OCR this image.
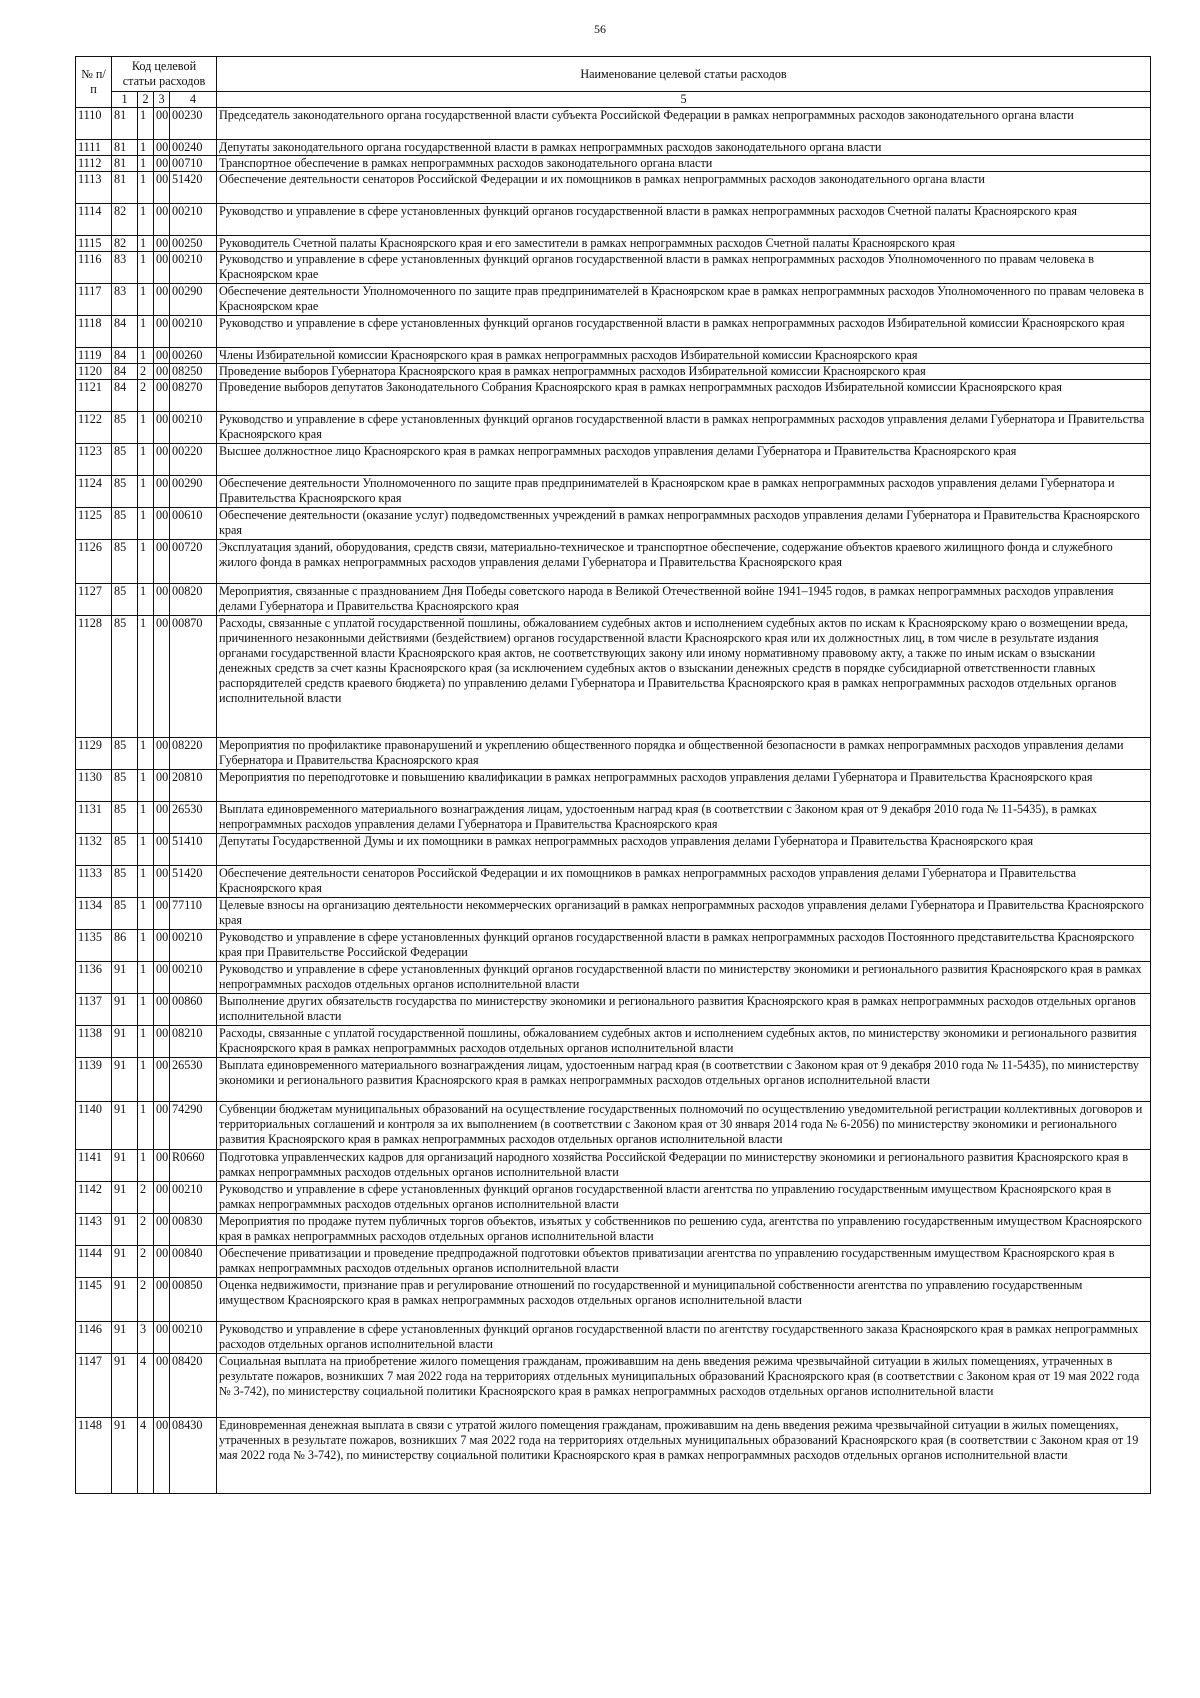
56
№ п/п	Код целевой статьи расходов				Наименование целевой статьи расходов
	1	2	3	4	5
1110	81	1	00	00230	Председатель законодательного органа государственной власти субъекта Российской Федерации в рамках непрограммных расходов законодательного органа власти
1111	81	1	00	00240	Депутаты законодательного органа государственной власти в рамках непрограммных расходов законодательного органа власти
1112	81	1	00	00710	Транспортное обеспечение в рамках непрограммных расходов законодательного органа власти
1113	81	1	00	51420	Обеспечение деятельности сенаторов Российской Федерации и их помощников в рамках непрограммных расходов законодательного органа власти
1114	82	1	00	00210	Руководство и управление в сфере установленных функций органов государственной власти в рамках непрограммных расходов Счетной палаты Красноярского края
1115	82	1	00	00250	Руководитель Счетной палаты Красноярского края и его заместители в рамках непрограммных расходов Счетной палаты Красноярского края
1116	83	1	00	00210	Руководство и управление в сфере установленных функций органов государственной власти в рамках непрограммных расходов Уполномоченного по правам человека в Красноярском крае
1117	83	1	00	00290	Обеспечение деятельности Уполномоченного по защите прав предпринимателей в Красноярском крае в рамках непрограммных расходов Уполномоченного по правам человека в Красноярском крае
1118	84	1	00	00210	Руководство и управление в сфере установленных функций органов государственной власти в рамках непрограммных расходов Избирательной комиссии Красноярского края
1119	84	1	00	00260	Члены Избирательной комиссии Красноярского края в рамках непрограммных расходов Избирательной комиссии Красноярского края
1120	84	2	00	08250	Проведение выборов Губернатора Красноярского края в рамках непрограммных расходов Избирательной комиссии Красноярского края
1121	84	2	00	08270	Проведение выборов депутатов Законодательного Собрания Красноярского края в рамках непрограммных расходов Избирательной комиссии Красноярского края
1122	85	1	00	00210	Руководство и управление в сфере установленных функций органов государственной власти в рамках непрограммных расходов управления делами Губернатора и Правительства Красноярского края
1123	85	1	00	00220	Высшее должностное лицо Красноярского края в рамках непрограммных расходов управления делами Губернатора и Правительства Красноярского края
1124	85	1	00	00290	Обеспечение деятельности Уполномоченного по защите прав предпринимателей в Красноярском крае в рамках непрограммных расходов управления делами Губернатора и Правительства Красноярского края
1125	85	1	00	00610	Обеспечение деятельности (оказание услуг) подведомственных учреждений в рамках непрограммных расходов управления делами Губернатора и Правительства Красноярского края
1126	85	1	00	00720	Эксплуатация зданий, оборудования, средств связи, материально-техническое и транспортное обеспечение, содержание объектов краевого жилищного фонда и служебного жилого фонда в рамках непрограммных расходов управления делами Губернатора и Правительства Красноярского края
1127	85	1	00	00820	Мероприятия, связанные с празднованием Дня Победы советского народа в Великой Отечественной войне 1941–1945 годов, в рамках непрограммных расходов управления делами Губернатора и Правительства Красноярского края
1128	85	1	00	00870	Расходы, связанные с уплатой государственной пошлины, обжалованием судебных актов и исполнением судебных актов по искам к Красноярскому краю о возмещении вреда, причиненного незаконными действиями (бездействием) органов государственной власти Красноярского края или их должностных лиц, в том числе в результате издания органами государственной власти Красноярского края актов, не соответствующих закону или иному нормативному правовому акту, а также по иным искам о взыскании денежных средств за счет казны Красноярского края (за исключением судебных актов о взыскании денежных средств в порядке субсидиарной ответственности главных распорядителей средств краевого бюджета) по управлению делами Губернатора и Правительства Красноярского края в рамках непрограммных расходов отдельных органов исполнительной власти
1129	85	1	00	08220	Мероприятия по профилактике правонарушений и укреплению общественного порядка и общественной безопасности в рамках непрограммных расходов управления делами Губернатора и Правительства Красноярского края
1130	85	1	00	20810	Мероприятия по переподготовке и повышению квалификации в рамках непрограммных расходов управления делами Губернатора и Правительства Красноярского края
1131	85	1	00	26530	Выплата единовременного материального вознаграждения лицам, удостоенным наград края (в соответствии с Законом края от 9 декабря 2010 года № 11-5435), в рамках непрограммных расходов управления делами Губернатора и Правительства Красноярского края
1132	85	1	00	51410	Депутаты Государственной Думы и их помощники в рамках непрограммных расходов управления делами Губернатора и Правительства Красноярского края
1133	85	1	00	51420	Обеспечение деятельности сенаторов Российской Федерации и их помощников в рамках непрограммных расходов управления делами Губернатора и Правительства Красноярского края
1134	85	1	00	77110	Целевые взносы на организацию деятельности некоммерческих организаций в рамках непрограммных расходов управления делами Губернатора и Правительства Красноярского края
1135	86	1	00	00210	Руководство и управление в сфере установленных функций органов государственной власти в рамках непрограммных расходов Постоянного представительства Красноярского края при Правительстве Российской Федерации
1136	91	1	00	00210	Руководство и управление в сфере установленных функций органов государственной власти по министерству экономики и регионального развития Красноярского края в рамках непрограммных расходов отдельных органов исполнительной власти
1137	91	1	00	00860	Выполнение других обязательств государства по министерству экономики и регионального развития Красноярского края в рамках непрограммных расходов отдельных органов исполнительной власти
1138	91	1	00	08210	Расходы, связанные с уплатой государственной пошлины, обжалованием судебных актов и исполнением судебных актов, по министерству экономики и регионального развития Красноярского края в рамках непрограммных расходов отдельных органов исполнительной власти
1139	91	1	00	26530	Выплата единовременного материального вознаграждения лицам, удостоенным наград края (в соответствии с Законом края от 9 декабря 2010 года № 11-5435), по министерству экономики и регионального развития Красноярского края в рамках непрограммных расходов отдельных органов исполнительной власти
1140	91	1	00	74290	Субвенции бюджетам муниципальных образований на осуществление государственных полномочий по осуществлению уведомительной регистрации коллективных договоров и территориальных соглашений и контроля за их выполнением (в соответствии с Законом края от 30 января 2014 года № 6-2056) по министерству экономики и регионального развития Красноярского края в рамках непрограммных расходов отдельных органов исполнительной власти
1141	91	1	00	R0660	Подготовка управленческих кадров для организаций народного хозяйства Российской Федерации по министерству экономики и регионального развития Красноярского края в рамках непрограммных расходов отдельных органов исполнительной власти
1142	91	2	00	00210	Руководство и управление в сфере установленных функций органов государственной власти агентства по управлению государственным имуществом Красноярского края в рамках непрограммных расходов отдельных органов исполнительной власти
1143	91	2	00	00830	Мероприятия по продаже путем публичных торгов объектов, изъятых у собственников по решению суда, агентства по управлению государственным имуществом Красноярского края в рамках непрограммных расходов отдельных органов исполнительной власти
1144	91	2	00	00840	Обеспечение приватизации и проведение предпродажной подготовки объектов приватизации агентства по управлению государственным имуществом Красноярского края в рамках непрограммных расходов отдельных органов исполнительной власти
1145	91	2	00	00850	Оценка недвижимости, признание прав и регулирование отношений по государственной и муниципальной собственности агентства по управлению государственным имуществом Красноярского края в рамках непрограммных расходов отдельных органов исполнительной власти
1146	91	3	00	00210	Руководство и управление в сфере установленных функций органов государственной власти по агентству государственного заказа Красноярского края в рамках непрограммных расходов отдельных органов исполнительной власти
1147	91	4	00	08420	Социальная выплата на приобретение жилого помещения гражданам, проживавшим на день введения режима чрезвычайной ситуации в жилых помещениях, утраченных в результате пожаров, возникших 7 мая 2022 года на территориях отдельных муниципальных образований Красноярского края (в соответствии с Законом края от 19 мая 2022 года № 3-742), по министерству социальной политики Красноярского края в рамках непрограммных расходов отдельных органов исполнительной власти
1148	91	4	00	08430	Единовременная денежная выплата в связи с утратой жилого помещения гражданам, проживавшим на день введения режима чрезвычайной ситуации в жилых помещениях, утраченных в результате пожаров, возникших 7 мая 2022 года на территориях отдельных муниципальных образований Красноярского края (в соответствии с Законом края от 19 мая 2022 года № 3-742), по министерству социальной политики Красноярского края в рамках непрограммных расходов отдельных органов исполнительной власти
